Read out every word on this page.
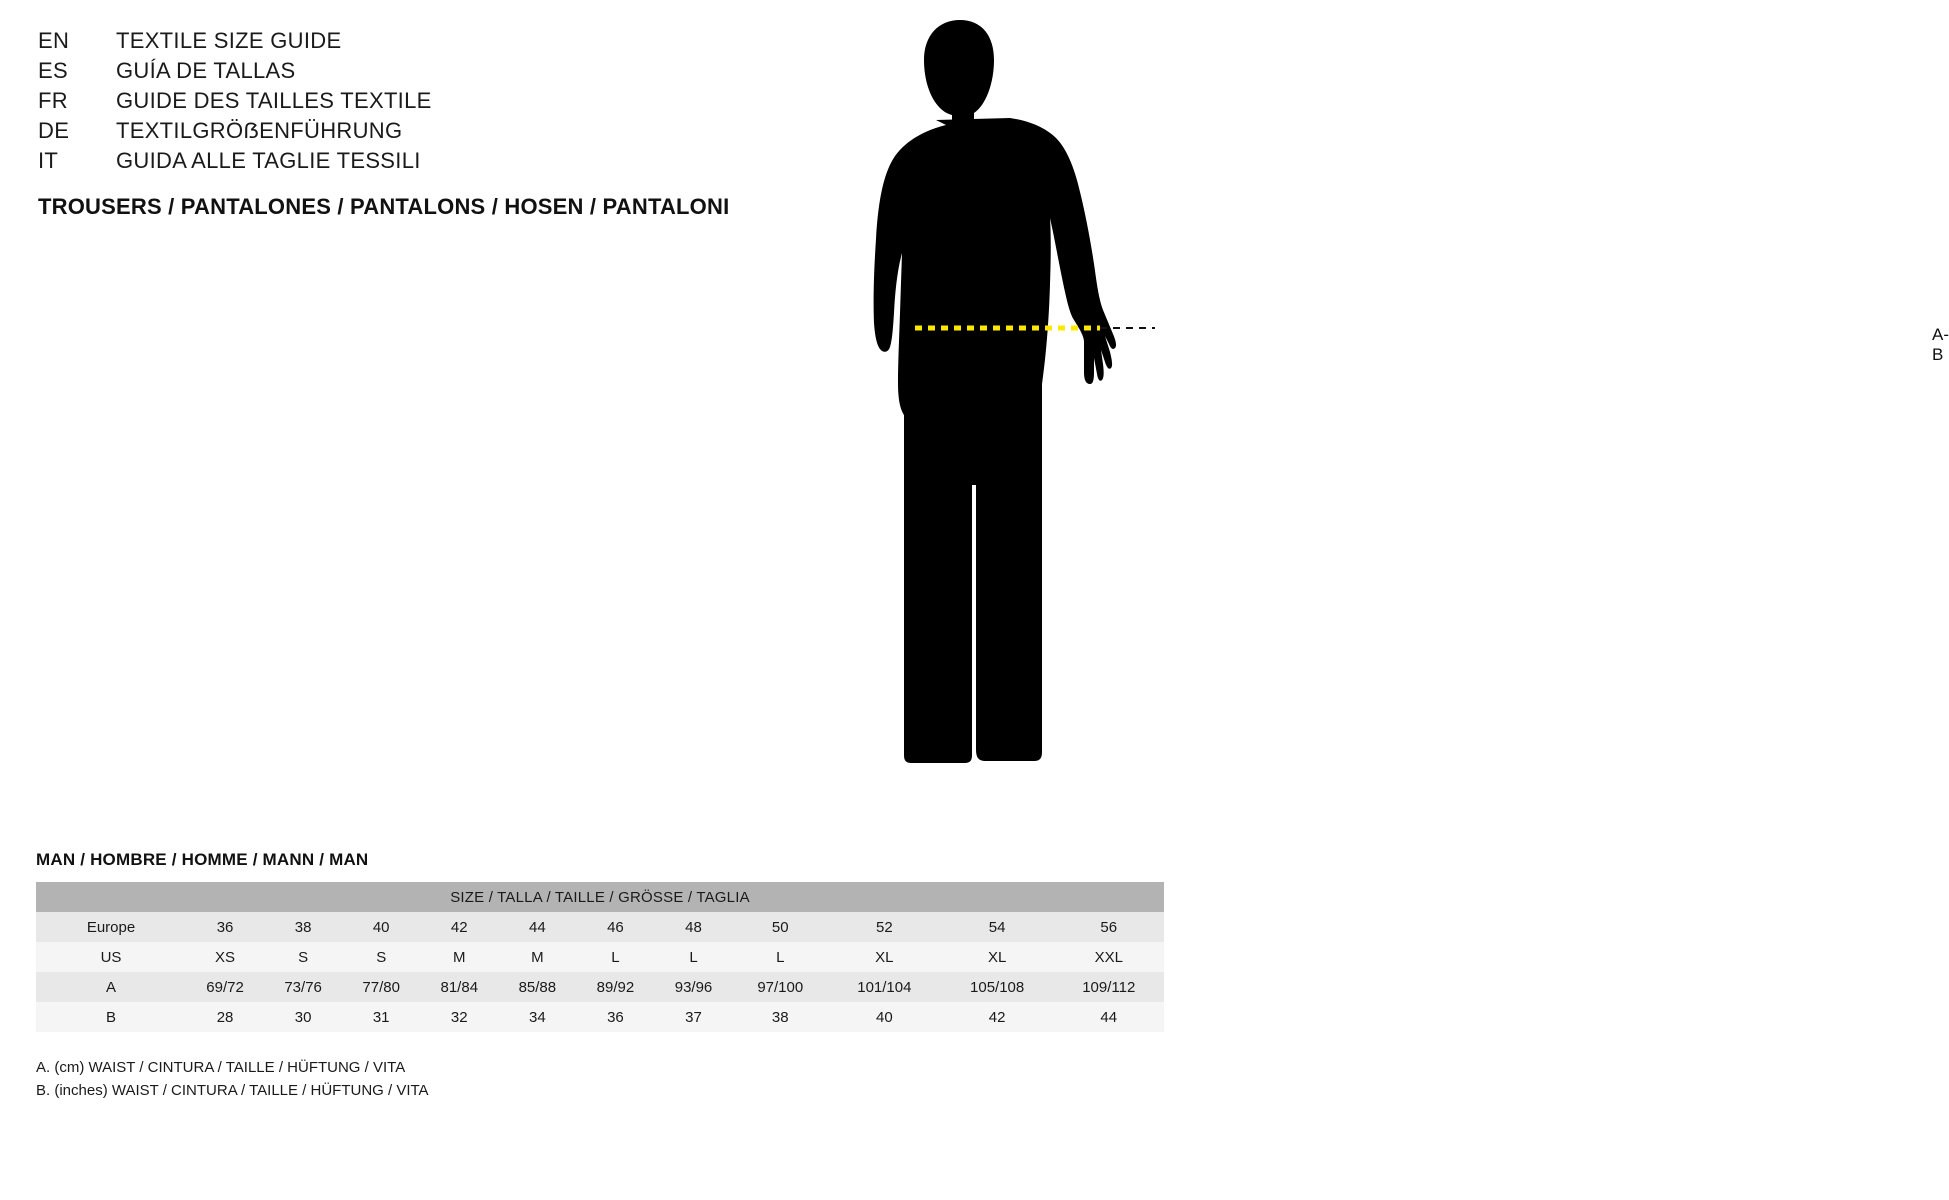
EN	TEXTILE SIZE GUIDE
ES	GUÍA DE TALLAS
FR	GUIDE DES TAILLES TEXTILE
DE	TEXTILGRÖẞENFÜHRUNG
IT	GUIDA ALLE TAGLIE TESSILI
TROUSERS / PANTALONES / PANTALONS / HOSEN / PANTALONI
A-B
MAN / HOMBRE / HOMME / MANN / MAN
SIZE / TALLA / TAILLE / GRÖSSE / TAGLIA											
Europe	36	38	40	42	44	46	48	50	52	54	56
US	XS	S	S	M	M	L	L	L	XL	XL	XXL
A	69/72	73/76	77/80	81/84	85/88	89/92	93/96	97/100	101/104	105/108	109/112
B	28	30	31	32	34	36	37	38	40	42	44
A. (cm) WAIST / CINTURA / TAILLE / HÜFTUNG / VITA
B. (inches) WAIST / CINTURA / TAILLE / HÜFTUNG / VITA
